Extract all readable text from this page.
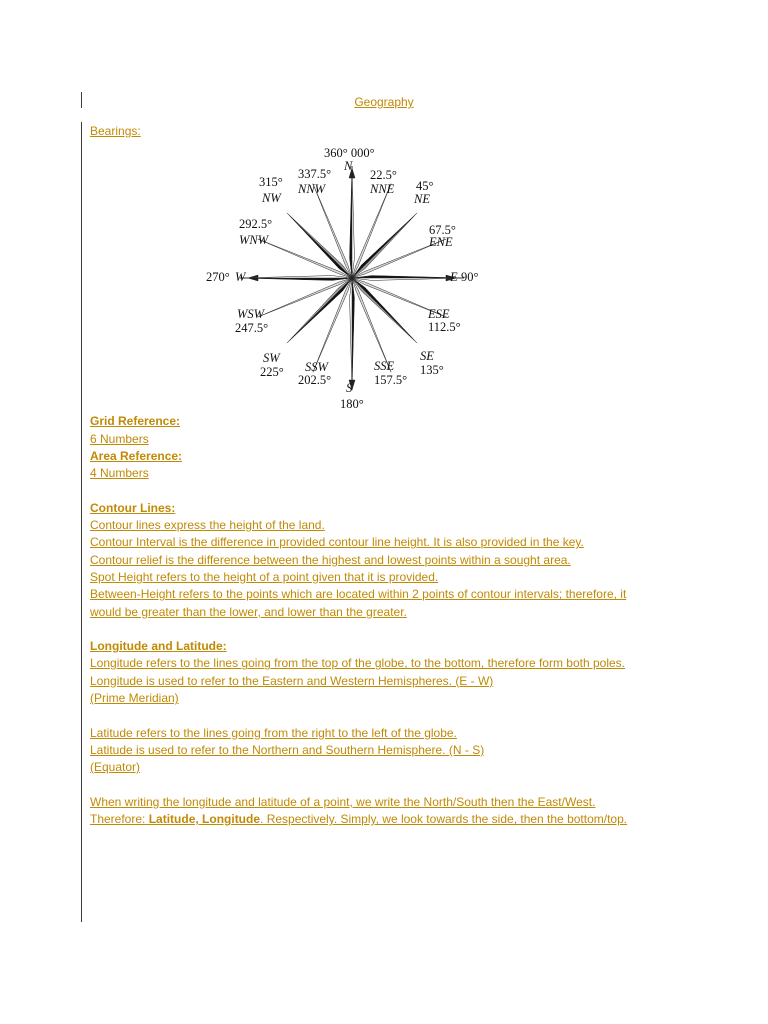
Geography
Bearings:
360° 000°
N
337.5°
NNW
22.5°
NNE
315°
NW
45°
NE
292.5°
WNW
67.5°
ENE
270° W	E 90°
WSW
247.5°
ESE
112.5°
SW
225°
SE
135°
SSW
202.5°
SSE
157.5°
S
180°
Grid Reference:
6 Numbers
Area Reference:
4 Numbers
Contour Lines:
Contour lines express the height of the land.
Contour Interval is the difference in provided contour line height. It is also provided in the key.
Contour relief is the difference between the highest and lowest points within a sought area.
Spot Height refers to the height of a point given that it is provided.
Between-Height refers to the points which are located within 2 points of contour intervals; therefore, it
would be greater than the lower, and lower than the greater.
Longitude and Latitude:
Longitude refers to the lines going from the top of the globe, to the bottom, therefore form both poles.
Longitude is used to refer to the Eastern and Western Hemispheres. (E - W)
(Prime Meridian)
Latitude refers to the lines going from the right to the left of the globe.
Latitude is used to refer to the Northern and Southern Hemisphere. (N - S)
(Equator)
When writing the longitude and latitude of a point, we write the North/South then the East/West.
Therefore: Latitude, Longitude. Respectively. Simply, we look towards the side, then the bottom/top.
